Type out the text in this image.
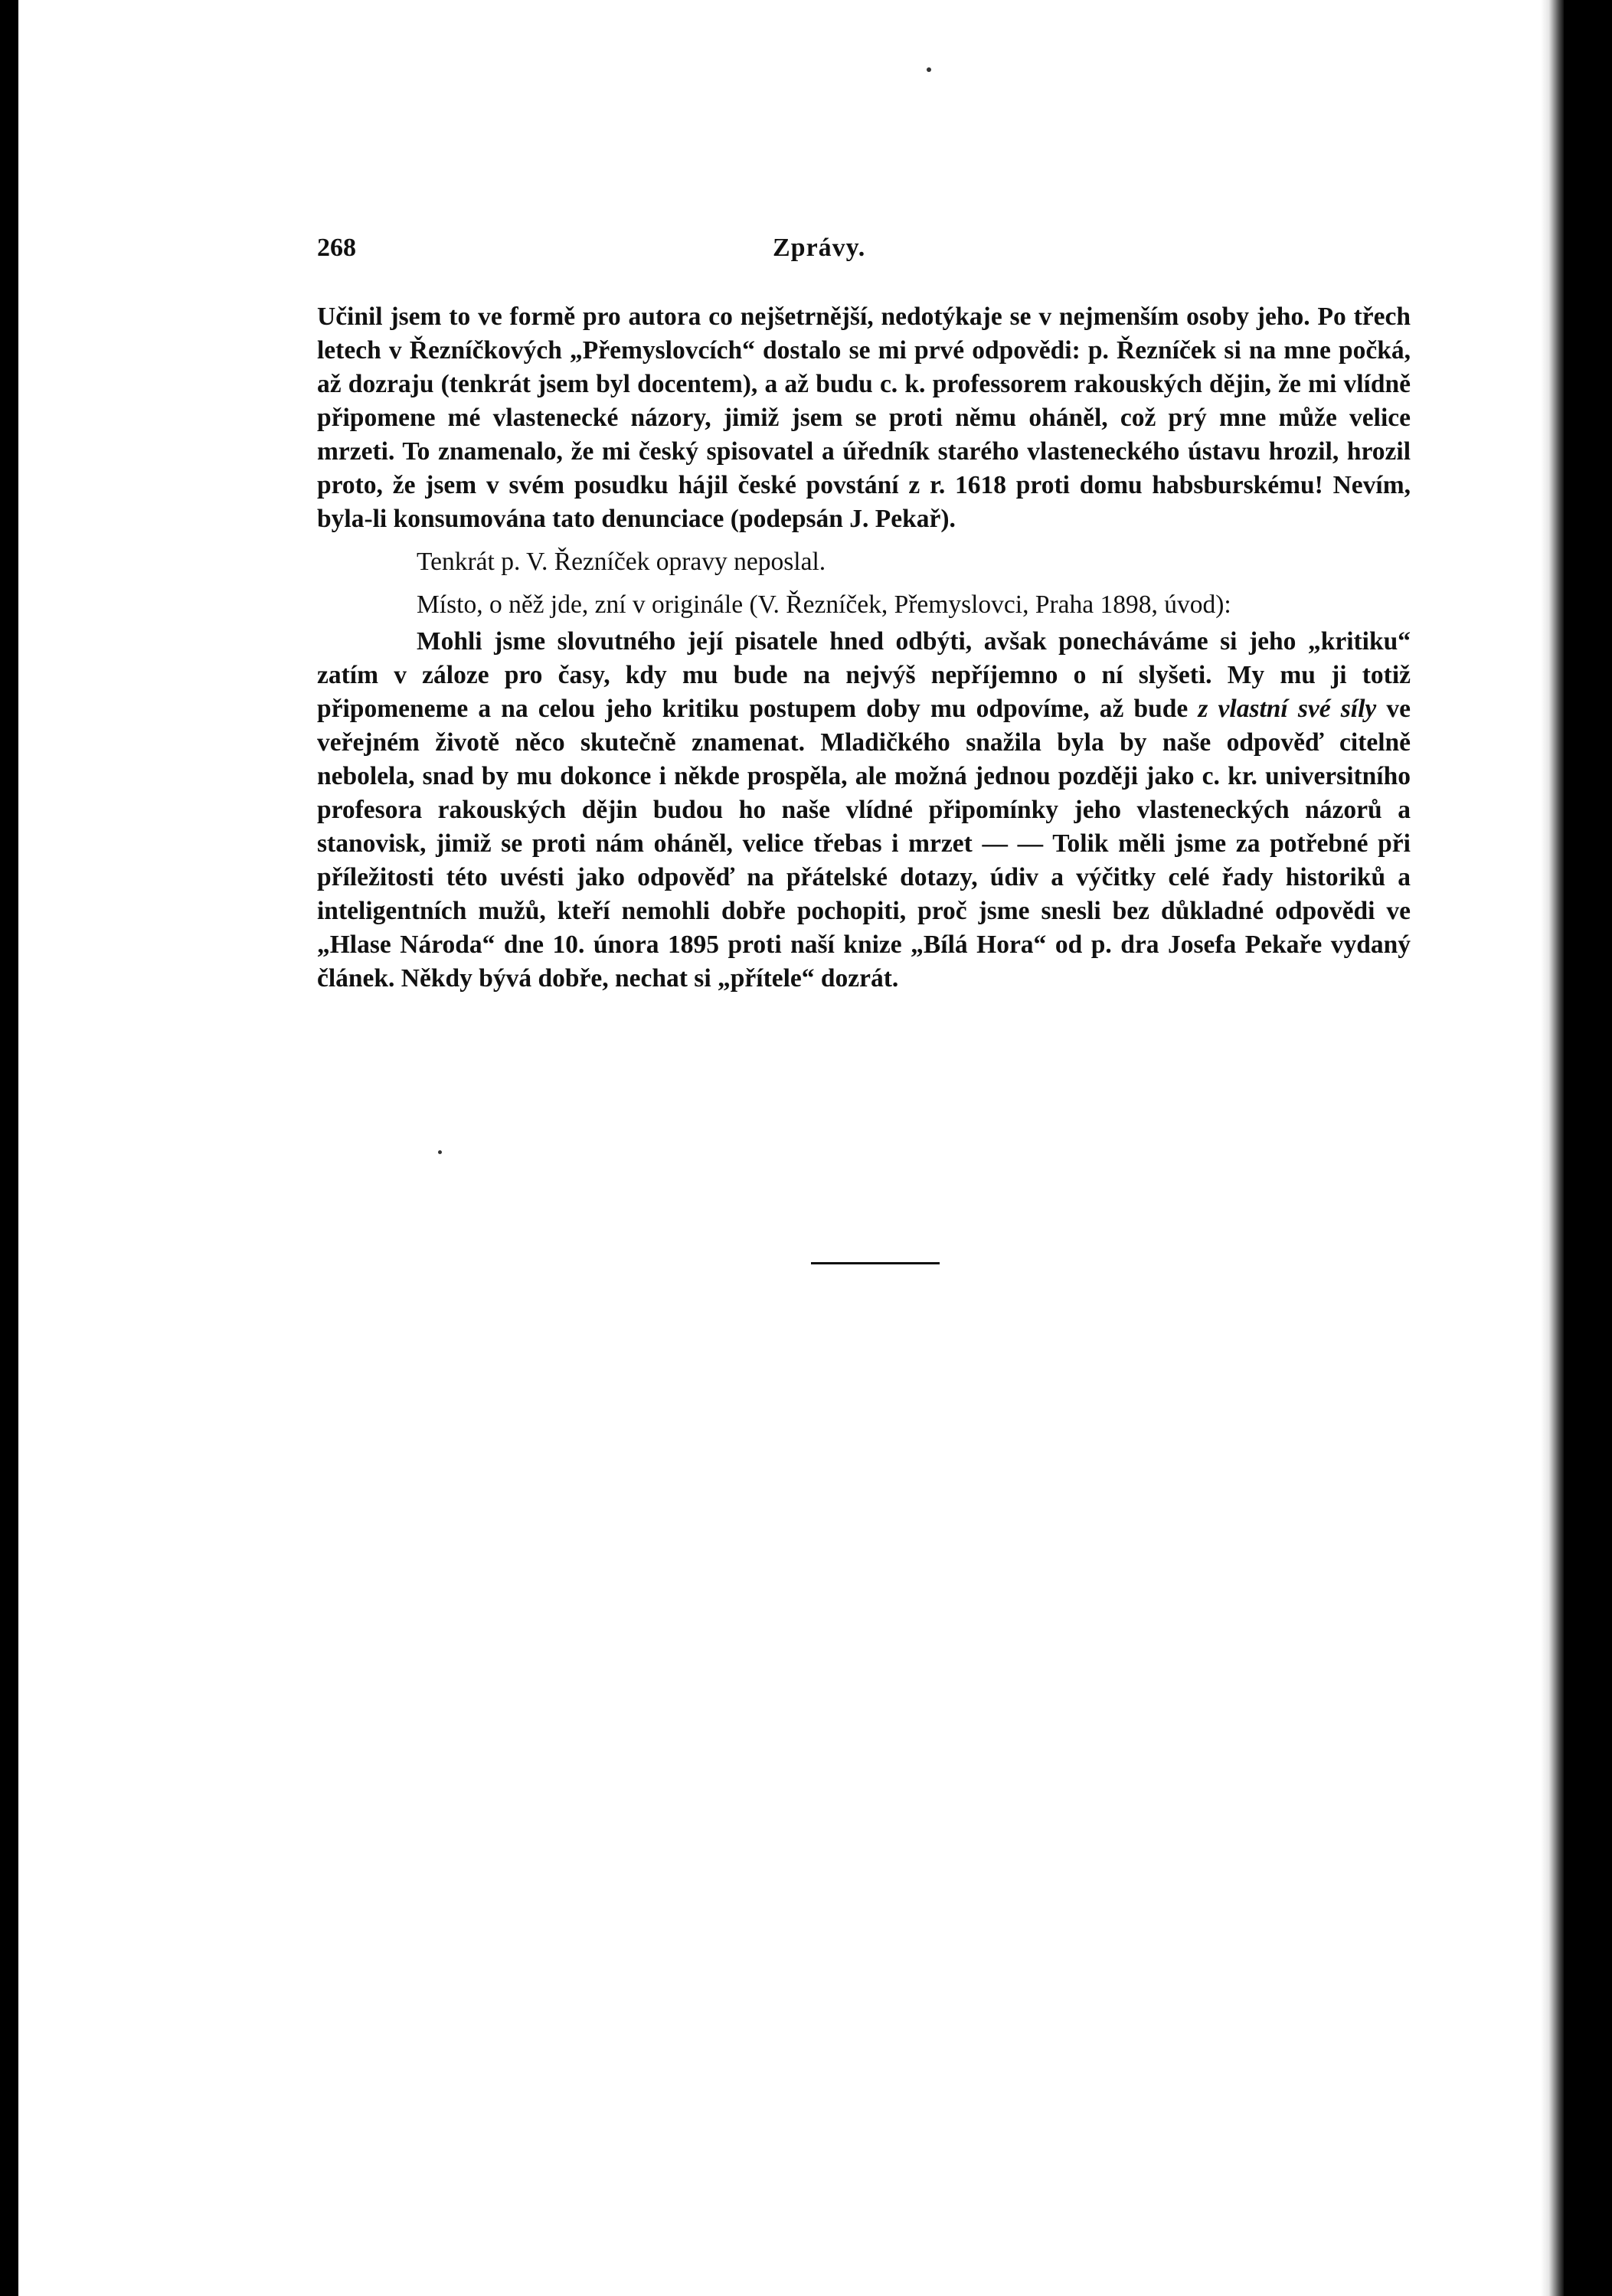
268	Zprávy.

Učinil jsem to ve formě pro autora co nejšetrnější, nedotýkaje se v nejmenším osoby jeho. Po třech letech v Řezníčkových „Přemyslovcích“ dostalo se mi prvé odpovědi: p. Řezníček si na mne počká, až dozraju (tenkrát jsem byl docentem), a až budu c. k. professorem rakouských dějin, že mi vlídně připomene mé vlastenecké názory, jimiž jsem se proti němu oháněl, což prý mne může velice mrzeti. To znamenalo, že mi český spisovatel a úředník starého vlasteneckého ústavu hrozil, hrozil proto, že jsem v svém posudku hájil české povstání z r. 1618 proti domu habsburskému! Nevím, byla-li konsumována tato denunciace (podepsán J. Pekař).

Tenkrát p. V. Řezníček opravy neposlal.

Místo, o něž jde, zní v originále (V. Řezníček, Přemyslovci, Praha 1898, úvod):

Mohli jsme slovutného její pisatele hned odbýti, avšak ponecháváme si jeho „kritiku“ zatím v záloze pro časy, kdy mu bude na nejvýš nepříjemno o ní slyšeti. My mu ji totiž připomeneme a na celou jeho kritiku postupem doby mu odpovíme, až bude z vlastní své síly ve veřejném životě něco skutečně znamenat. Mladičkého snažila byla by naše odpověď citelně nebolela, snad by mu dokonce i někde prospěla, ale možná jednou později jako c. kr. universitního profesora rakouských dějin budou ho naše vlídné připomínky jeho vlasteneckých názorů a stanovisk, jimiž se proti nám oháněl, velice třebas i mrzet — — Tolik měli jsme za potřebné při příležitosti této uvésti jako odpověď na přátelské dotazy, údiv a výčitky celé řady historiků a inteligentních mužů, kteří nemohli dobře pochopiti, proč jsme snesli bez důkladné odpovědi ve „Hlase Národa“ dne 10. února 1895 proti naší knize „Bílá Hora“ od p. dra Josefa Pekaře vydaný článek. Někdy bývá dobře, nechat si „přítele“ dozrát.
